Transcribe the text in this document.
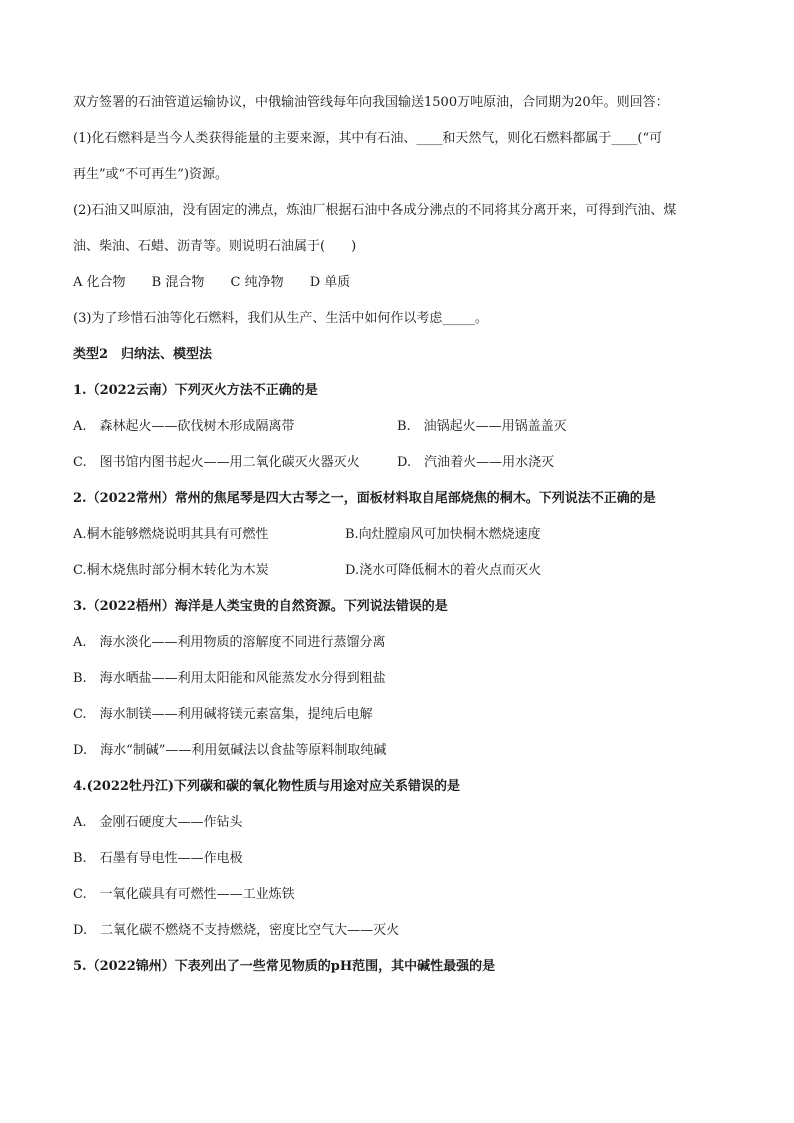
双方签署的石油管道运输协议，中俄输油管线每年向我国输送1500万吨原油，合同期为20年。则回答：
(1)化石燃料是当今人类获得能量的主要来源，其中有石油、____和天然气，则化石燃料都属于____(“可
再生”或“不可再生”)资源。
(2)石油又叫原油，没有固定的沸点，炼油厂根据石油中各成分沸点的不同将其分离开来，可得到汽油、煤
油、柴油、石蜡、沥青等。则说明石油属于(　　)
A 化合物 B 混合物 C 纯净物 D 单质
(3)为了珍惜石油等化石燃料，我们从生产、生活中如何作以考虑_____。
类型2　归纳法、模型法
1.（2022云南）下列灭火方法不正确的是
A.　森林起火——砍伐树木形成隔离带	B.　油锅起火——用锅盖盖灭
C.　图书馆内图书起火——用二氧化碳灭火器灭火	D.　汽油着火——用水浇灭
2.（2022常州）常州的焦尾琴是四大古琴之一，面板材料取自尾部烧焦的桐木。下列说法不正确的是
A.桐木能够燃烧说明其具有可燃性	B.向灶膛扇风可加快桐木燃烧速度
C.桐木烧焦时部分桐木转化为木炭	D.浇水可降低桐木的着火点而灭火
3.（2022梧州）海洋是人类宝贵的自然资源。下列说法错误的是
A.　海水淡化——利用物质的溶解度不同进行蒸馏分离
B.　海水晒盐——利用太阳能和风能蒸发水分得到粗盐
C.　海水制镁——利用碱将镁元素富集，提纯后电解
D.　海水“制碱”——利用氨碱法以食盐等原料制取纯碱
4.(2022牡丹江)下列碳和碳的氧化物性质与用途对应关系错误的是
A.　金刚石硬度大——作钻头
B.　石墨有导电性——作电极
C.　一氧化碳具有可燃性——工业炼铁
D.　二氧化碳不燃烧不支持燃烧，密度比空气大——灭火
5.（2022锦州）下表列出了一些常见物质的pH范围，其中碱性最强的是
